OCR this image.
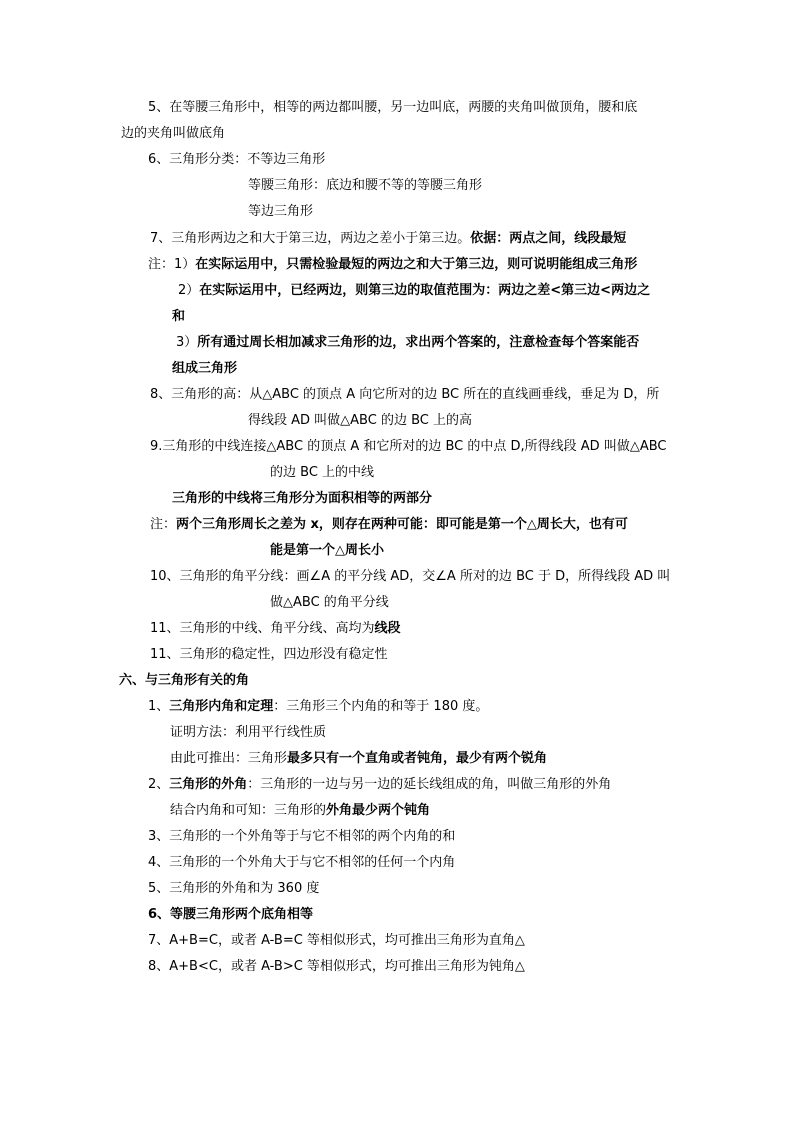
5、在等腰三角形中，相等的两边都叫腰，另一边叫底，两腰的夹角叫做顶角，腰和底
边的夹角叫做底角
6、三角形分类：不等边三角形
等腰三角形：底边和腰不等的等腰三角形
等边三角形
7、三角形两边之和大于第三边，两边之差小于第三边。依据：两点之间，线段最短
注：1）在实际运用中，只需检验最短的两边之和大于第三边，则可说明能组成三角形
2）在实际运用中，已经两边，则第三边的取值范围为：两边之差<第三边<两边之
和
3）所有通过周长相加减求三角形的边，求出两个答案的，注意检查每个答案能否
组成三角形
8、三角形的高：从△ABC 的顶点 A 向它所对的边 BC 所在的直线画垂线，垂足为 D，所
得线段 AD 叫做△ABC 的边 BC 上的高
9.三角形的中线连接△ABC 的顶点 A 和它所对的边 BC 的中点 D,所得线段 AD 叫做△ABC
的边 BC 上的中线
三角形的中线将三角形分为面积相等的两部分
注：两个三角形周长之差为 x，则存在两种可能：即可能是第一个△周长大，也有可
能是第一个△周长小
10、三角形的角平分线：画∠A 的平分线 AD，交∠A 所对的边 BC 于 D，所得线段 AD 叫
做△ABC 的角平分线
11、三角形的中线、角平分线、高均为线段
11、三角形的稳定性，四边形没有稳定性
六、与三角形有关的角
1、三角形内角和定理：三角形三个内角的和等于 180 度。
证明方法：利用平行线性质
由此可推出：三角形最多只有一个直角或者钝角，最少有两个锐角
2、三角形的外角：三角形的一边与另一边的延长线组成的角，叫做三角形的外角
结合内角和可知：三角形的外角最少两个钝角
3、三角形的一个外角等于与它不相邻的两个内角的和
4、三角形的一个外角大于与它不相邻的任何一个内角
5、三角形的外角和为 360 度
6、等腰三角形两个底角相等
7、A+B=C，或者 A-B=C 等相似形式，均可推出三角形为直角△
8、A+B<C，或者 A-B>C 等相似形式，均可推出三角形为钝角△
